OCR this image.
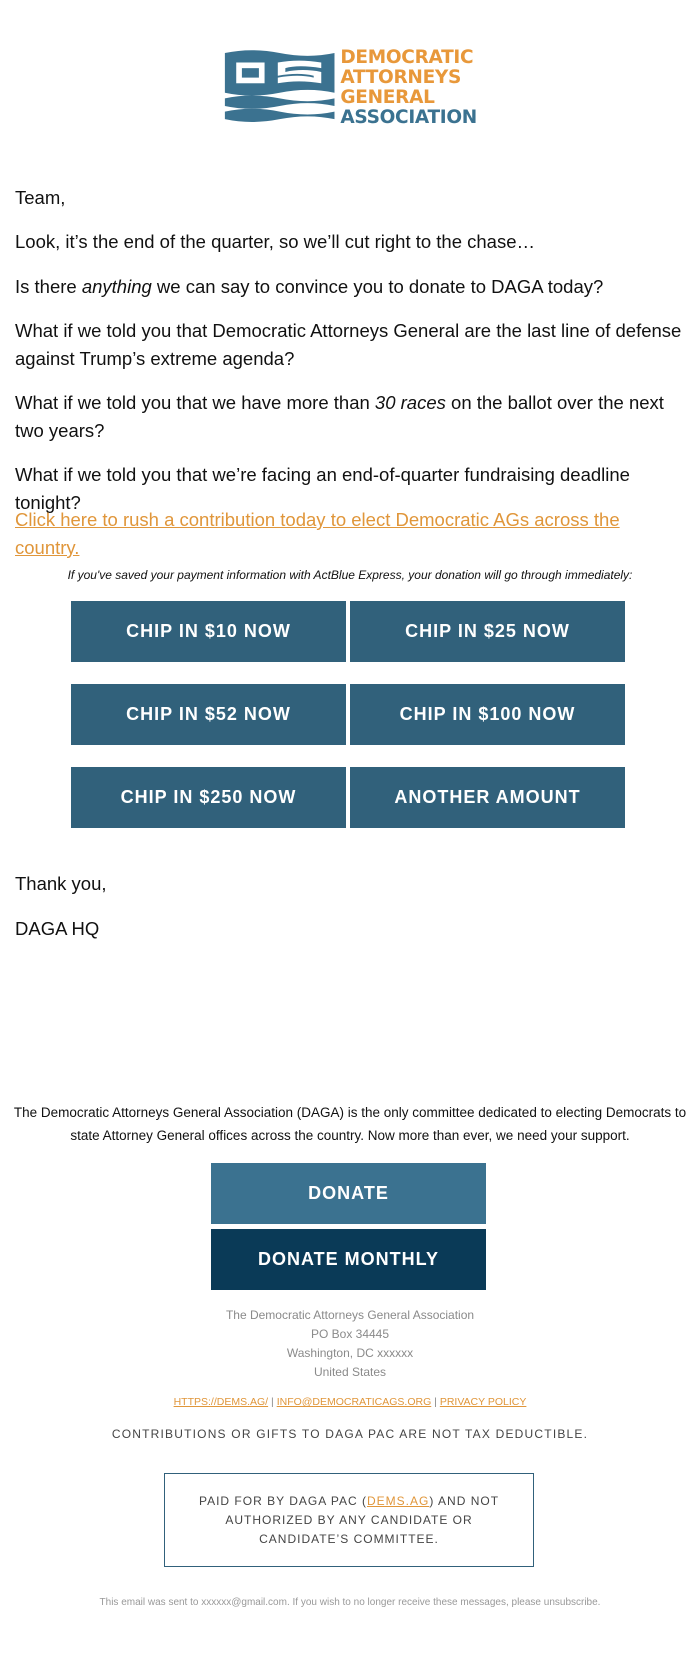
DEMOCRATIC
ATTORNEYS
GENERAL
ASSOCIATION

Team,

Look, it’s the end of the quarter, so we’ll cut right to the chase…

Is there anything we can say to convince you to donate to DAGA today?

What if we told you that Democratic Attorneys General are the last line of defense against Trump’s extreme agenda?

What if we told you that we have more than 30 races on the ballot over the next two years?

What if we told you that we’re facing an end-of-quarter fundraising deadline tonight?

Click here to rush a contribution today to elect Democratic AGs across the country.

If you've saved your payment information with ActBlue Express, your donation will go through immediately:

CHIP IN $10 NOW	CHIP IN $25 NOW
CHIP IN $52 NOW	CHIP IN $100 NOW
CHIP IN $250 NOW	ANOTHER AMOUNT

Thank you,

DAGA HQ

The Democratic Attorneys General Association (DAGA) is the only committee dedicated to electing Democrats to state Attorney General offices across the country. Now more than ever, we need your support.

DONATE
DONATE MONTHLY
The Democratic Attorneys General Association
PO Box 34445
Washington, DC xxxxxx
United States
HTTPS://DEMS.AG/ | INFO@DEMOCRATICAGS.ORG | PRIVACY POLICY

CONTRIBUTIONS OR GIFTS TO DAGA PAC ARE NOT TAX DEDUCTIBLE.

PAID FOR BY DAGA PAC (DEMS.AG) AND NOT AUTHORIZED BY ANY CANDIDATE OR CANDIDATE’S COMMITTEE.

This email was sent to xxxxxx@gmail.com. If you wish to no longer receive these messages, please unsubscribe.
